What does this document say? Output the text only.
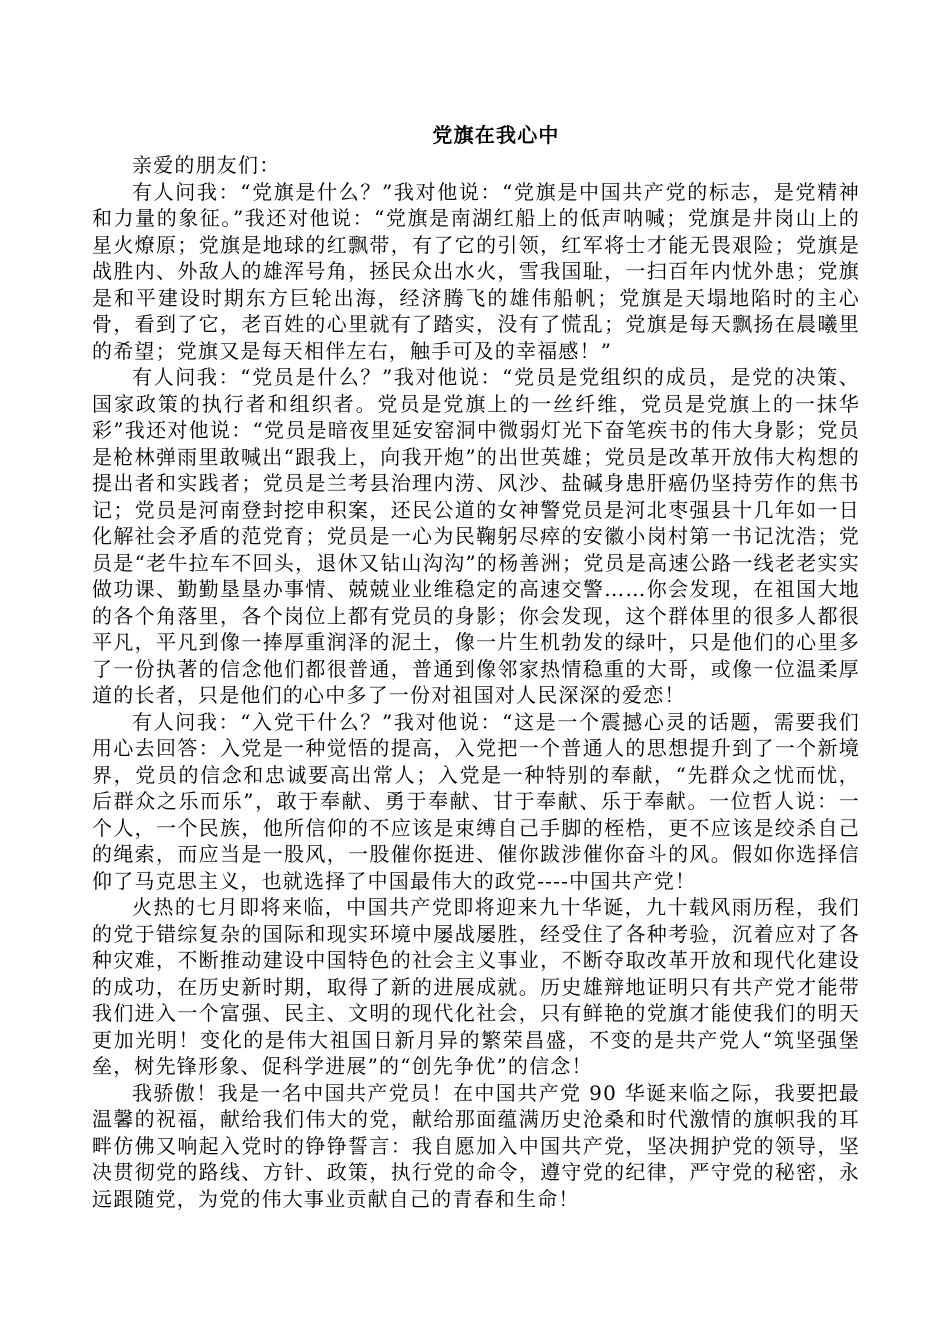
党旗在我心中

亲爱的朋友们：

有人问我：“党旗是什么？”我对他说：“党旗是中国共产党的标志，是党精神和力量的象征。”我还对他说：“党旗是南湖红船上的低声呐喊；党旗是井岗山上的星火燎原；党旗是地球的红飘带，有了它的引领，红军将士才能无畏艰险；党旗是战胜内、外敌人的雄浑号角，拯民众出水火，雪我国耻，一扫百年内忧外患；党旗是和平建设时期东方巨轮出海，经济腾飞的雄伟船帆；党旗是天塌地陷时的主心骨，看到了它，老百姓的心里就有了踏实，没有了慌乱；党旗是每天飘扬在晨曦里的希望；党旗又是每天相伴左右，触手可及的幸福感！”

有人问我：“党员是什么？”我对他说：“党员是党组织的成员，是党的决策、国家政策的执行者和组织者。党员是党旗上的一丝纤维，党员是党旗上的一抹华彩”我还对他说：“党员是暗夜里延安窑洞中微弱灯光下奋笔疾书的伟大身影；党员是枪林弹雨里敢喊出“跟我上，向我开炮”的出世英雄；党员是改革开放伟大构想的提出者和实践者；党员是兰考县治理内涝、风沙、盐碱身患肝癌仍坚持劳作的焦书记；党员是河南登封挖申积案，还民公道的女神警党员是河北枣强县十几年如一日化解社会矛盾的范党育；党员是一心为民鞠躬尽瘁的安徽小岗村第一书记沈浩；党员是“老牛拉车不回头，退休又钻山沟沟”的杨善洲；党员是高速公路一线老老实实做功课、勤勤垦垦办事情、兢兢业业维稳定的高速交警……你会发现，在祖国大地的各个角落里，各个岗位上都有党员的身影；你会发现，这个群体里的很多人都很平凡，平凡到像一捧厚重润泽的泥土，像一片生机勃发的绿叶，只是他们的心里多了一份执著的信念他们都很普通，普通到像邻家热情稳重的大哥，或像一位温柔厚道的长者，只是他们的心中多了一份对祖国对人民深深的爱恋！

有人问我：“入党干什么？”我对他说：“这是一个震撼心灵的话题，需要我们用心去回答：入党是一种觉悟的提高，入党把一个普通人的思想提升到了一个新境界，党员的信念和忠诚要高出常人；入党是一种特别的奉献，“先群众之忧而忧，后群众之乐而乐”，敢于奉献、勇于奉献、甘于奉献、乐于奉献。一位哲人说：一个人，一个民族，他所信仰的不应该是束缚自己手脚的桎梏，更不应该是绞杀自己的绳索，而应当是一股风，一股催你挺进、催你跋涉催你奋斗的风。假如你选择信仰了马克思主义，也就选择了中国最伟大的政党----中国共产党！

火热的七月即将来临，中国共产党即将迎来九十华诞，九十载风雨历程，我们的党于错综复杂的国际和现实环境中屡战屡胜，经受住了各种考验，沉着应对了各种灾难，不断推动建设中国特色的社会主义事业，不断夺取改革开放和现代化建设的成功，在历史新时期，取得了新的进展成就。历史雄辩地证明只有共产党才能带我们进入一个富强、民主、文明的现代化社会，只有鲜艳的党旗才能使我们的明天更加光明！变化的是伟大祖国日新月异的繁荣昌盛，不变的是共产党人“筑坚强堡垒，树先锋形象、促科学进展”的“创先争优”的信念！

我骄傲！我是一名中国共产党员！在中国共产党 90 华诞来临之际，我要把最温馨的祝福，献给我们伟大的党，献给那面蕴满历史沧桑和时代激情的旗帜我的耳畔仿佛又响起入党时的铮铮誓言：我自愿加入中国共产党，坚决拥护党的领导，坚决贯彻党的路线、方针、政策，执行党的命令，遵守党的纪律，严守党的秘密，永远跟随党，为党的伟大事业贡献自己的青春和生命！
